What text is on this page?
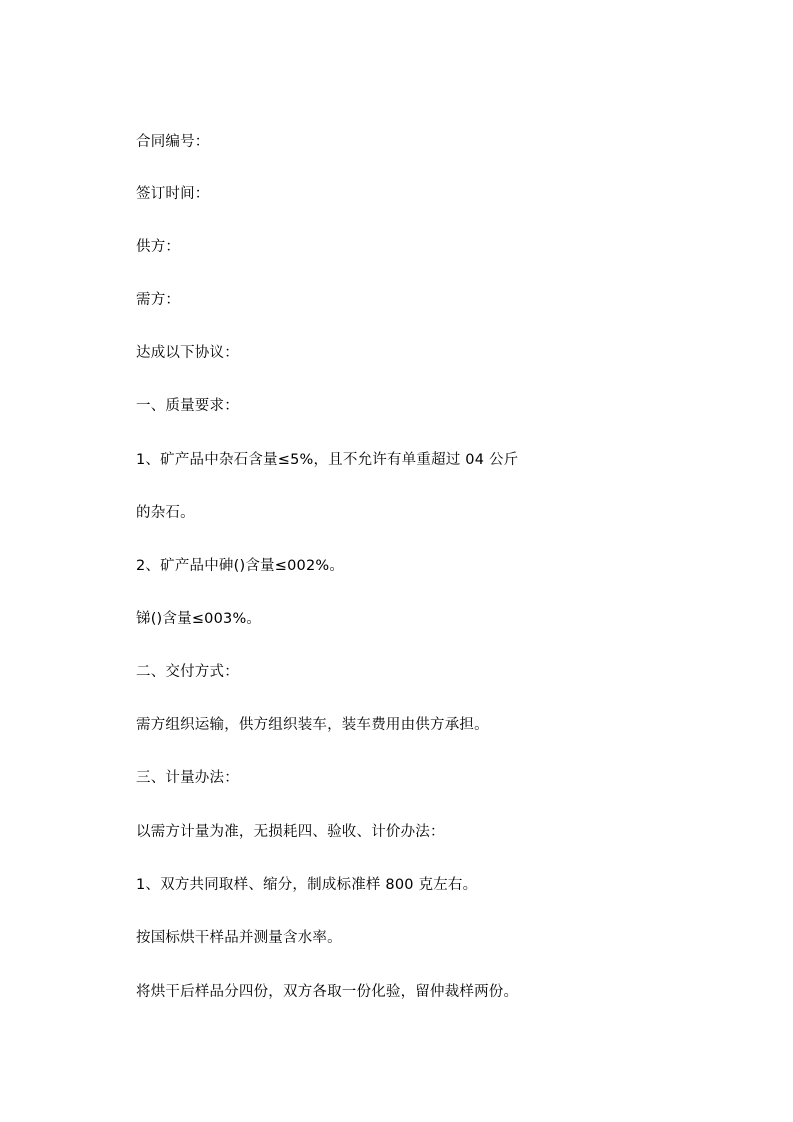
合同编号：
签订时间：
供方：
需方：
达成以下协议：
一、质量要求：
1、矿产品中杂石含量≤5%，且不允许有单重超过 04 公斤
的杂石。
2、矿产品中砷()含量≤002%。
锑()含量≤003%。
二、交付方式：
需方组织运输，供方组织装车，装车费用由供方承担。
三、计量办法：
以需方计量为准，无损耗四、验收、计价办法：
1、双方共同取样、缩分，制成标准样 800 克左右。
按国标烘干样品并测量含水率。
将烘干后样品分四份，双方各取一份化验，留仲裁样两份。
